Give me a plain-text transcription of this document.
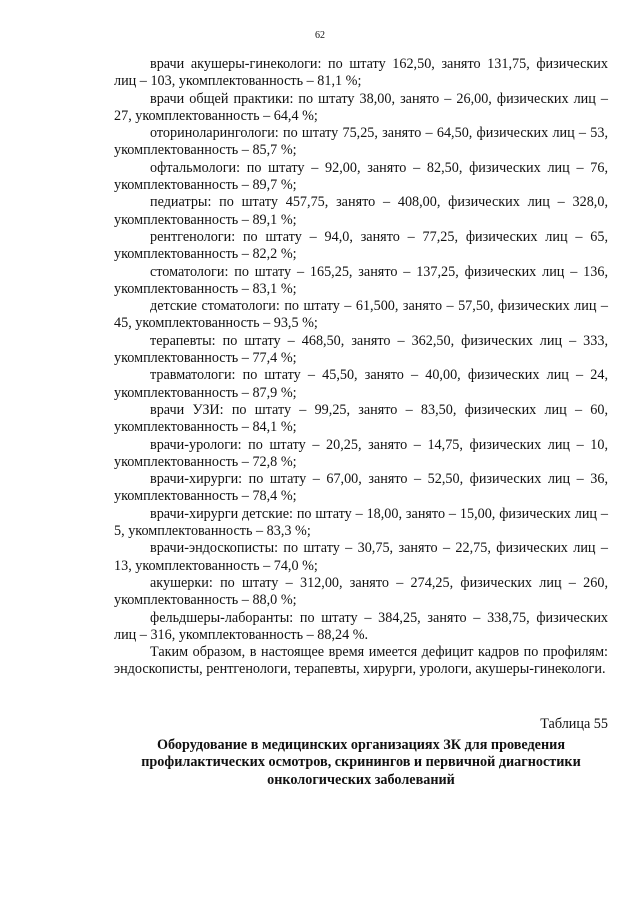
62

врачи акушеры-гинекологи: по штату 162,50, занято 131,75, физических лиц – 103, укомплектованность – 81,1 %;

врачи общей практики: по штату 38,00, занято – 26,00, физических лиц – 27, укомплектованность – 64,4 %;

оториноларингологи: по штату 75,25, занято – 64,50, физических лиц – 53, укомплектованность – 85,7 %;

офтальмологи: по штату – 92,00, занято – 82,50, физических лиц – 76, укомплектованность – 89,7 %;

педиатры: по штату 457,75, занято – 408,00, физических лиц – 328,0, укомплектованность – 89,1 %;

рентгенологи: по штату – 94,0, занято – 77,25, физических лиц – 65, укомплектованность – 82,2 %;

стоматологи: по штату – 165,25, занято – 137,25, физических лиц – 136, укомплектованность – 83,1 %;

детские стоматологи: по штату – 61,500, занято – 57,50, физических лиц – 45, укомплектованность – 93,5 %;

терапевты: по штату – 468,50, занято – 362,50, физических лиц – 333, укомплектованность – 77,4 %;

травматологи: по штату – 45,50, занято – 40,00, физических лиц – 24, укомплектованность – 87,9 %;

врачи УЗИ: по штату – 99,25, занято – 83,50, физических лиц – 60, укомплектованность – 84,1 %;

врачи-урологи: по штату – 20,25, занято – 14,75, физических лиц – 10, укомплектованность – 72,8 %;

врачи-хирурги: по штату – 67,00, занято – 52,50, физических лиц – 36, укомплектованность – 78,4 %;

врачи-хирурги детские: по штату – 18,00, занято – 15,00, физических лиц – 5, укомплектованность – 83,3 %;

врачи-эндоскописты: по штату – 30,75, занято – 22,75, физических лиц – 13, укомплектованность – 74,0 %;

акушерки: по штату – 312,00, занято – 274,25, физических лиц – 260, укомплектованность – 88,0 %;

фельдшеры-лаборанты: по штату – 384,25, занято – 338,75, физических лиц – 316, укомплектованность – 88,24 %.

Таким образом, в настоящее время имеется дефицит кадров по профилям: эндоскописты, рентгенологи, терапевты, хирурги, урологи, акушеры-гинекологи.

Таблица 55
Оборудование в медицинских организациях ЗК для проведения
профилактических осмотров, скринингов и первичной диагностики
онкологических заболеваний
